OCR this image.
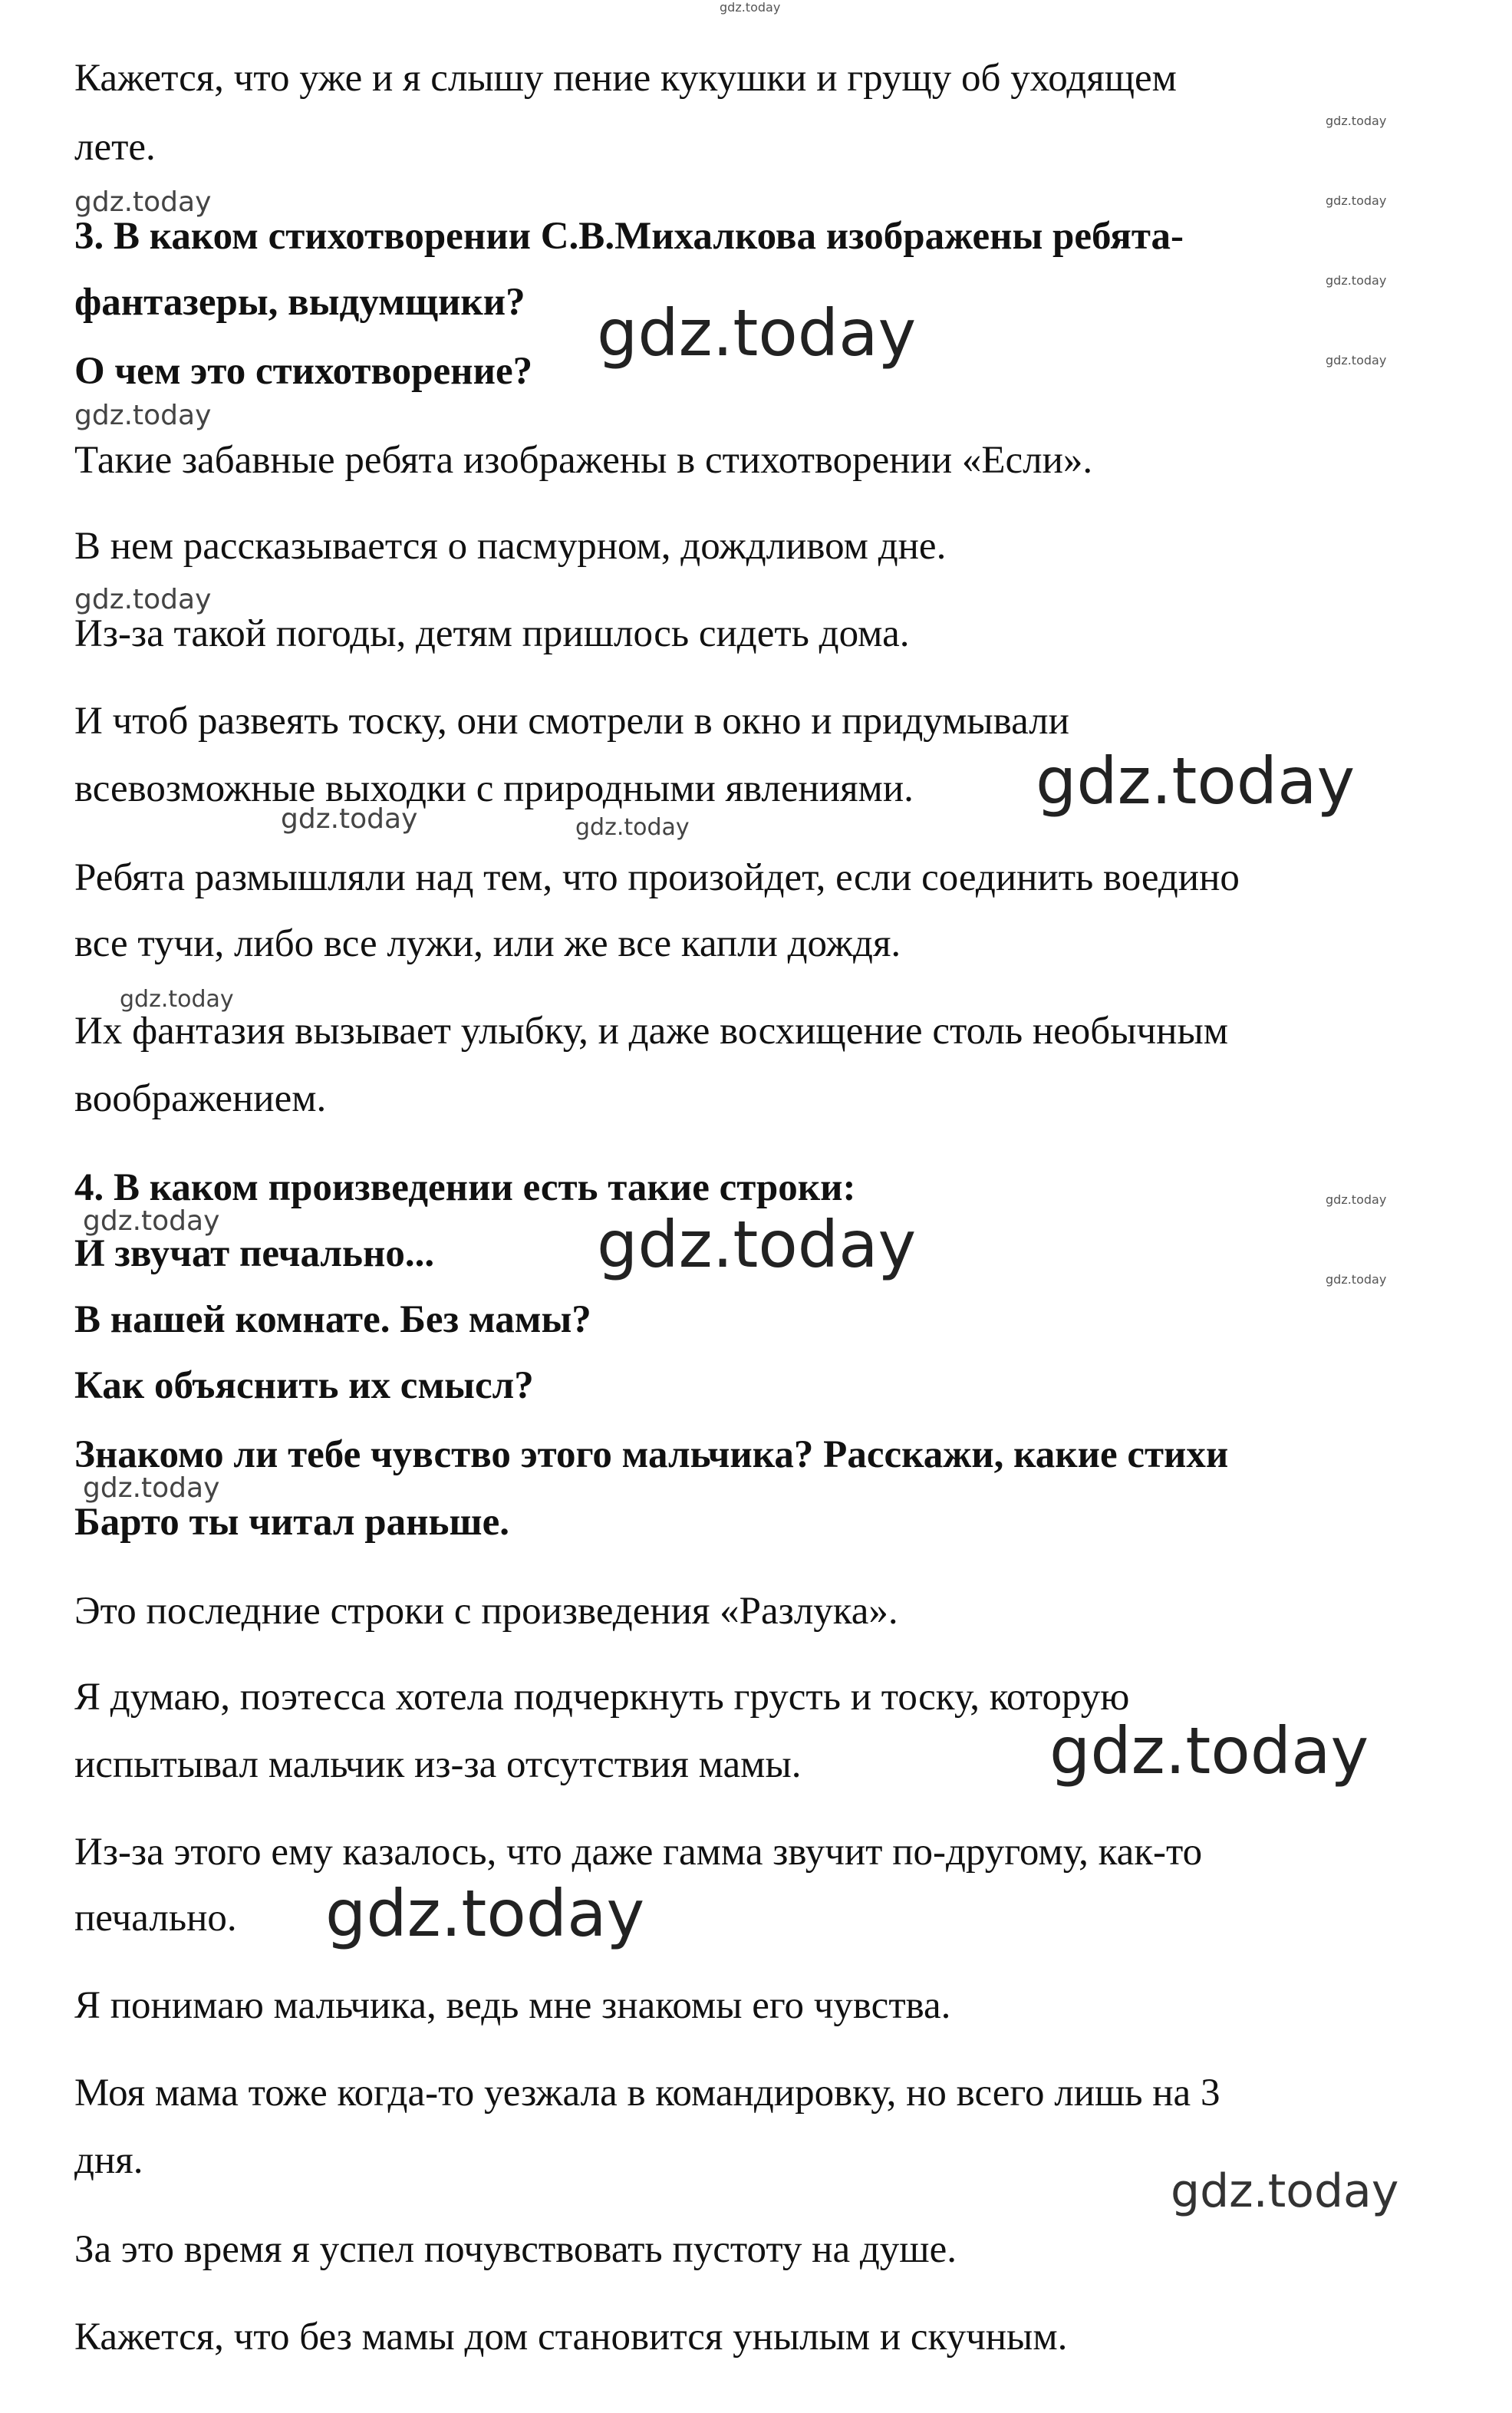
Кажется, что уже и я слышу пение кукушки и грущу об уходящем
лете.
3. В каком стихотворении С.В.Михалкова изображены ребята-
фантазеры, выдумщики?
О чем это стихотворение?
Такие забавные ребята изображены в стихотворении «Если».
В нем рассказывается о пасмурном, дождливом дне.
Из-за такой погоды, детям пришлось сидеть дома.
И чтоб развеять тоску, они смотрели в окно и придумывали
всевозможные выходки с природными явлениями.
Ребята размышляли над тем, что произойдет, если соединить воедино
все тучи, либо все лужи, или же все капли дождя.
Их фантазия вызывает улыбку, и даже восхищение столь необычным
воображением.
4. В каком произведении есть такие строки:
И звучат печально...
В нашей комнате. Без мамы?
Как объяснить их смысл?
Знакомо ли тебе чувство этого мальчика? Расскажи, какие стихи
Барто ты читал раньше.
Это последние строки с произведения «Разлука».
Я думаю, поэтесса хотела подчеркнуть грусть и тоску, которую
испытывал мальчик из-за отсутствия мамы.
Из-за этого ему казалось, что даже гамма звучит по-другому, как-то
печально.
Я понимаю мальчика, ведь мне знакомы его чувства.
Моя мама тоже когда-то уезжала в командировку, но всего лишь на 3
дня.
За это время я успел почувствовать пустоту на душе.
Кажется, что без мамы дом становится унылым и скучным.
gdz.today
gdz.today
gdz.today
gdz.today
gdz.today
gdz.today
gdz.today
gdz.today
gdz.today
gdz.today
gdz.today	gdz.today
gdz.today
gdz.today	gdz.today
gdz.today
gdz.today
gdz.today
gdz.today
gdz.today
gdz.today
